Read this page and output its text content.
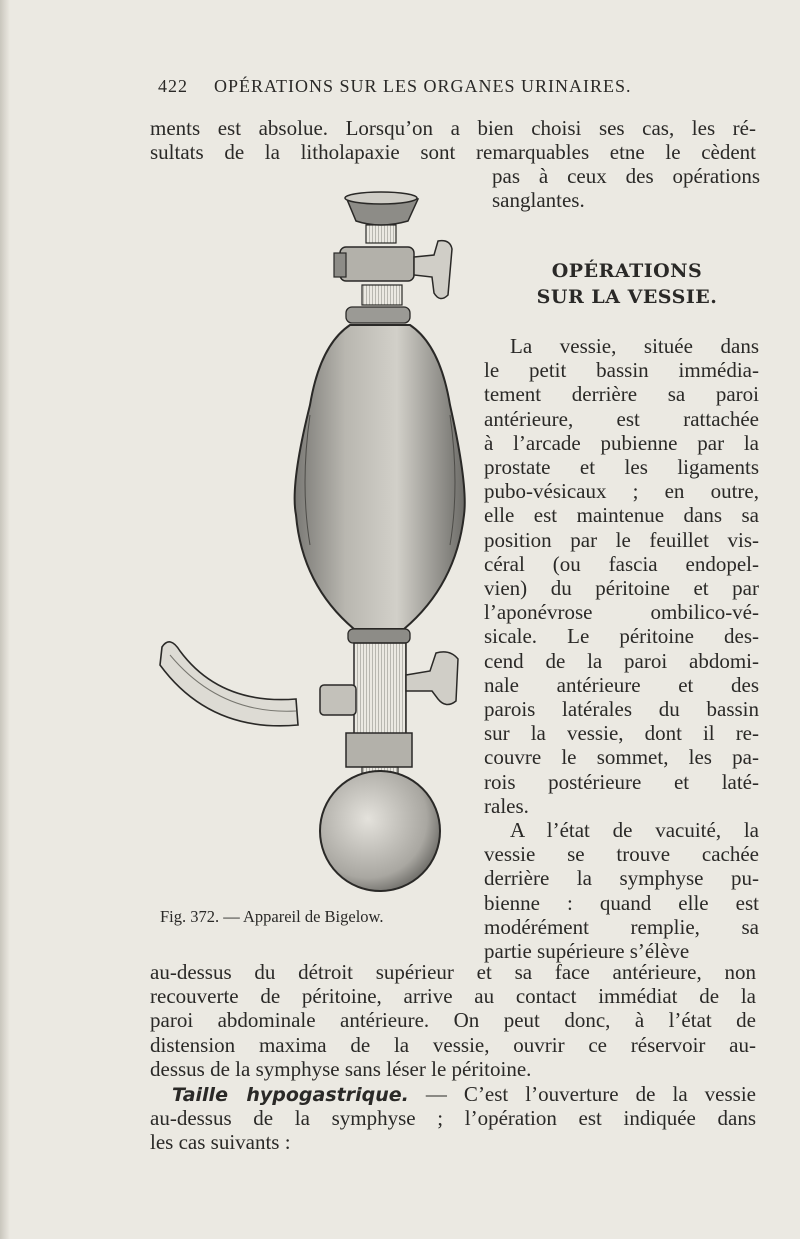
422 OPÉRATIONS SUR LES ORGANES URINAIRES.
ments est absolue. Lorsqu’on a bien choisi ses cas, les ré-
sultats de la litholapaxie sont remarquables etne le cèdent
pas à ceux des opérations
sanglantes.
OPÉRATIONS
SUR LA VESSIE.
La vessie, située dans
le petit bassin immédia-
tement derrière sa paroi
antérieure, est rattachée
à l’arcade pubienne par la
prostate et les ligaments
pubo-vésicaux ; en outre,
elle est maintenue dans sa
position par le feuillet vis-
céral (ou fascia endopel-
vien) du péritoine et par
l’aponévrose ombilico-vé-
sicale. Le péritoine des-
cend de la paroi abdomi-
nale antérieure et des
parois latérales du bassin
sur la vessie, dont il re-
couvre le sommet, les pa-
rois postérieure et laté-
rales.
A l’état de vacuité, la
vessie se trouve cachée
derrière la symphyse pu-
bienne : quand elle est
modérément remplie, sa
partie supérieure s’élève
Fig. 372. — Appareil de Bigelow.
au-dessus du détroit supérieur et sa face antérieure, non
recouverte de péritoine, arrive au contact immédiat de la
paroi abdominale antérieure. On peut donc, à l’état de
distension maxima de la vessie, ouvrir ce réservoir au-
dessus de la symphyse sans léser le péritoine.
Taille hypogastrique. — C’est l’ouverture de la vessie
au-dessus de la symphyse ; l’opération est indiquée dans
les cas suivants :
